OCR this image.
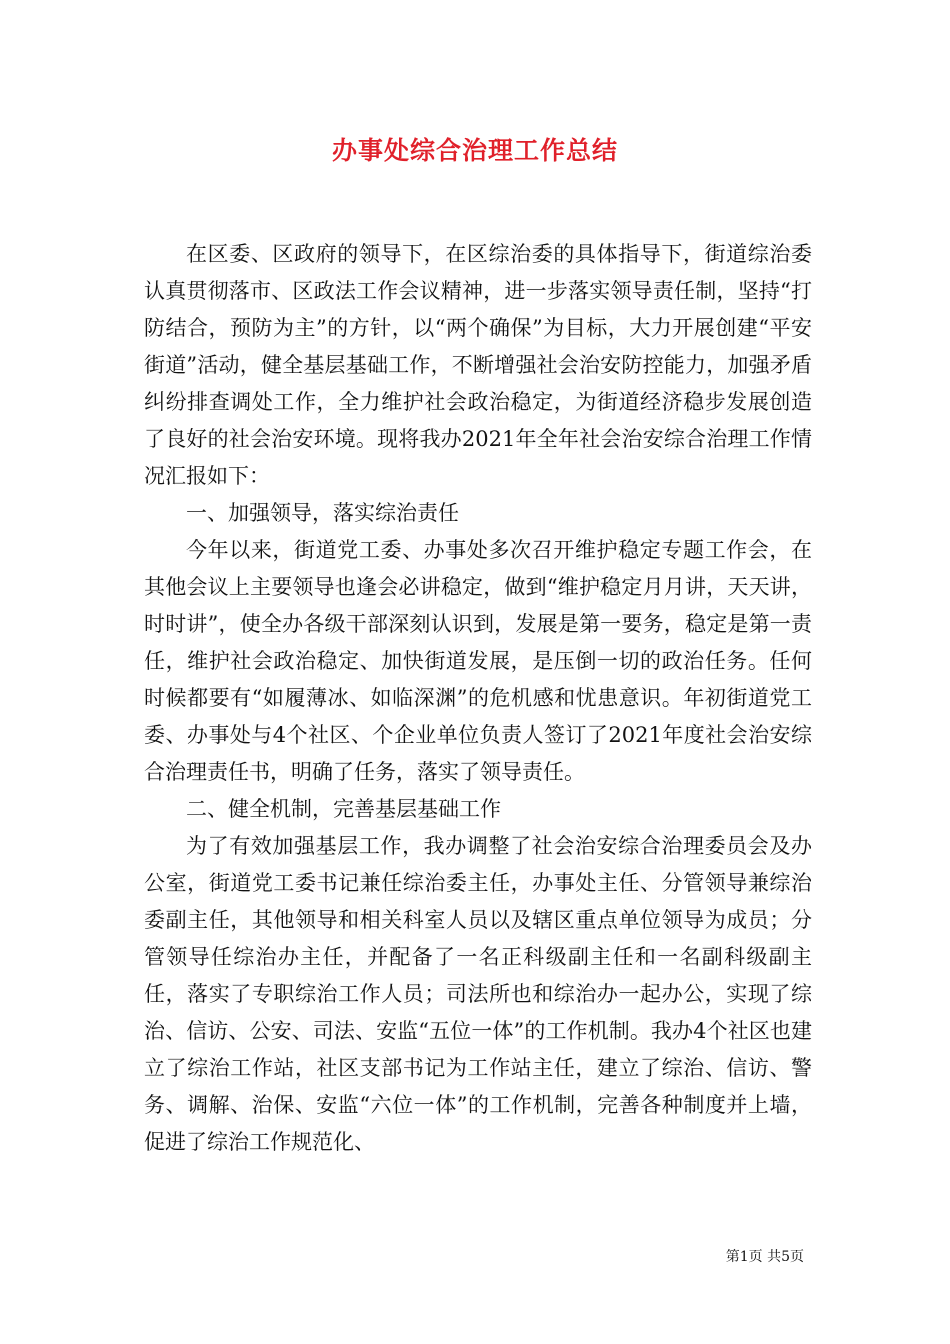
办事处综合治理工作总结

在区委、区政府的领导下，在区综治委的具体指导下，街道综治委认真贯彻落市、区政法工作会议精神，进一步落实领导责任制，坚持“打防结合，预防为主”的方针，以“两个确保”为目标，大力开展创建“平安街道”活动，健全基层基础工作，不断增强社会治安防控能力，加强矛盾纠纷排查调处工作，全力维护社会政治稳定，为街道经济稳步发展创造了良好的社会治安环境。现将我办2021年全年社会治安综合治理工作情况汇报如下：

一、加强领导，落实综治责任

今年以来，街道党工委、办事处多次召开维护稳定专题工作会，在其他会议上主要领导也逢会必讲稳定，做到“维护稳定月月讲，天天讲，时时讲”，使全办各级干部深刻认识到，发展是第一要务，稳定是第一责任，维护社会政治稳定、加快街道发展，是压倒一切的政治任务。任何时候都要有“如履薄冰、如临深渊”的危机感和忧患意识。年初街道党工委、办事处与4个社区、个企业单位负责人签订了2021年度社会治安综合治理责任书，明确了任务，落实了领导责任。

二、健全机制，完善基层基础工作

为了有效加强基层工作，我办调整了社会治安综合治理委员会及办公室，街道党工委书记兼任综治委主任，办事处主任、分管领导兼综治委副主任，其他领导和相关科室人员以及辖区重点单位领导为成员；分管领导任综治办主任，并配备了一名正科级副主任和一名副科级副主任，落实了专职综治工作人员；司法所也和综治办一起办公，实现了综治、信访、公安、司法、安监“五位一体”的工作机制。我办4个社区也建立了综治工作站，社区支部书记为工作站主任，建立了综治、信访、警务、调解、治保、安监“六位一体”的工作机制，完善各种制度并上墙，促进了综治工作规范化、

第1页 共5页
